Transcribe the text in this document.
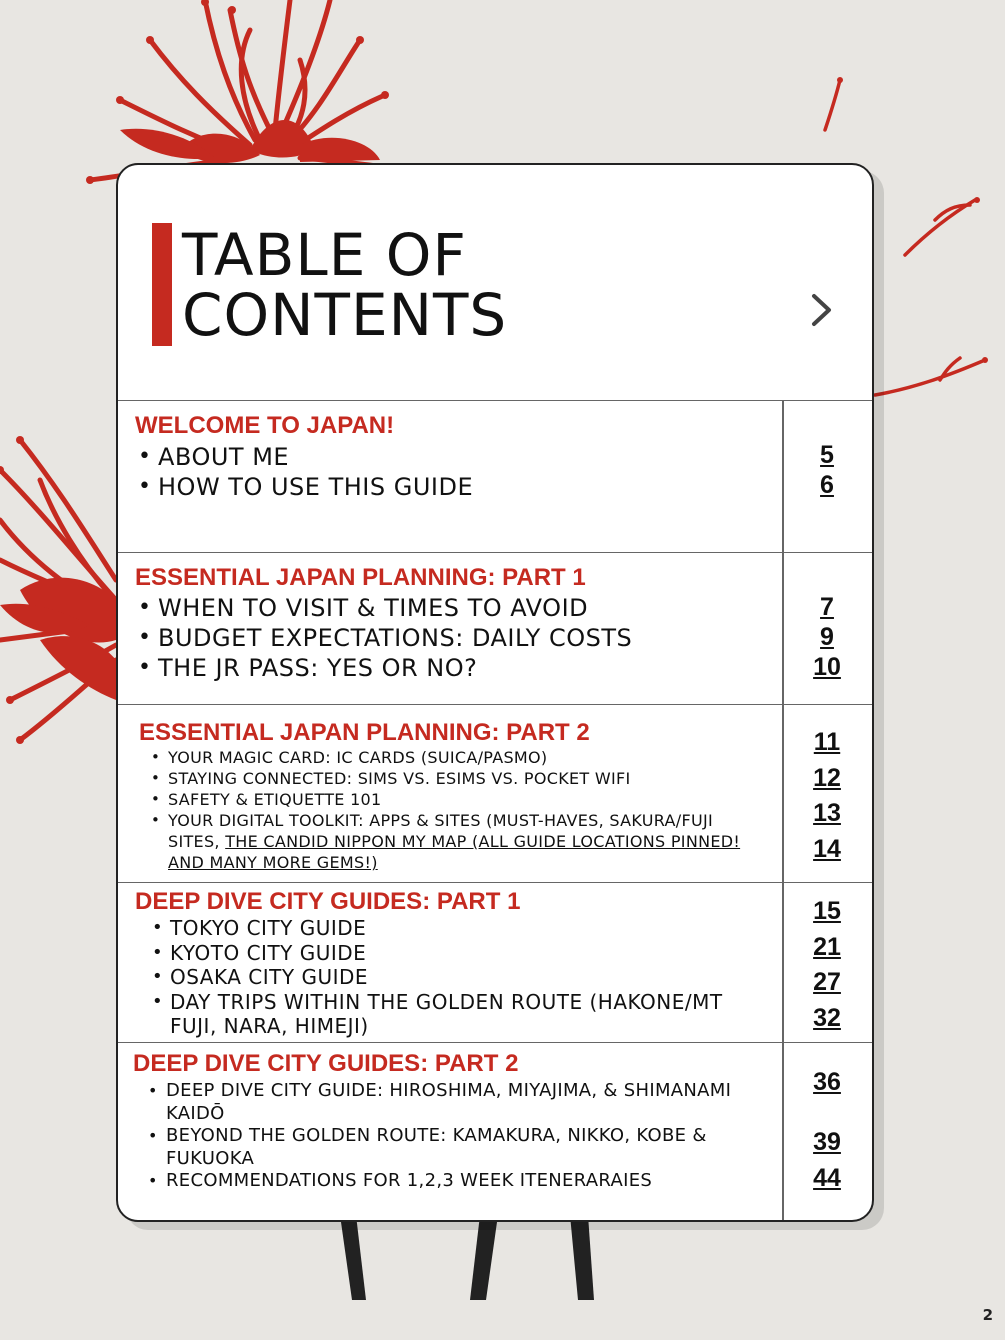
TABLE OF
CONTENTS
WELCOME TO JAPAN!
• ABOUT ME
• HOW TO USE THIS GUIDE
5
6
ESSENTIAL JAPAN PLANNING: PART 1
• WHEN TO VISIT & TIMES TO AVOID
• BUDGET EXPECTATIONS: DAILY COSTS
• THE JR PASS: YES OR NO?
7
9
10
ESSENTIAL JAPAN PLANNING: PART 2
• YOUR MAGIC CARD: IC CARDS (SUICA/PASMO)
• STAYING CONNECTED: SIMS VS. ESIMS VS. POCKET WIFI
• SAFETY & ETIQUETTE 101
• YOUR DIGITAL TOOLKIT: APPS & SITES (MUST-HAVES, SAKURA/FUJI SITES, THE CANDID NIPPON MY MAP (ALL GUIDE LOCATIONS PINNED! AND MANY MORE GEMS!)
11
12
13
14
DEEP DIVE CITY GUIDES: PART 1
• TOKYO CITY GUIDE
• KYOTO CITY GUIDE
• OSAKA CITY GUIDE
• DAY TRIPS WITHIN THE GOLDEN ROUTE (HAKONE/MT FUJI, NARA, HIMEJI)
15
21
27
32
DEEP DIVE CITY GUIDES: PART 2
• DEEP DIVE CITY GUIDE: HIROSHIMA, MIYAJIMA, & SHIMANAMI KAIDŌ
• BEYOND THE GOLDEN ROUTE: KAMAKURA, NIKKO, KOBE & FUKUOKA
• RECOMMENDATIONS FOR 1,2,3 WEEK ITENERARAIES
36
39
44
2
